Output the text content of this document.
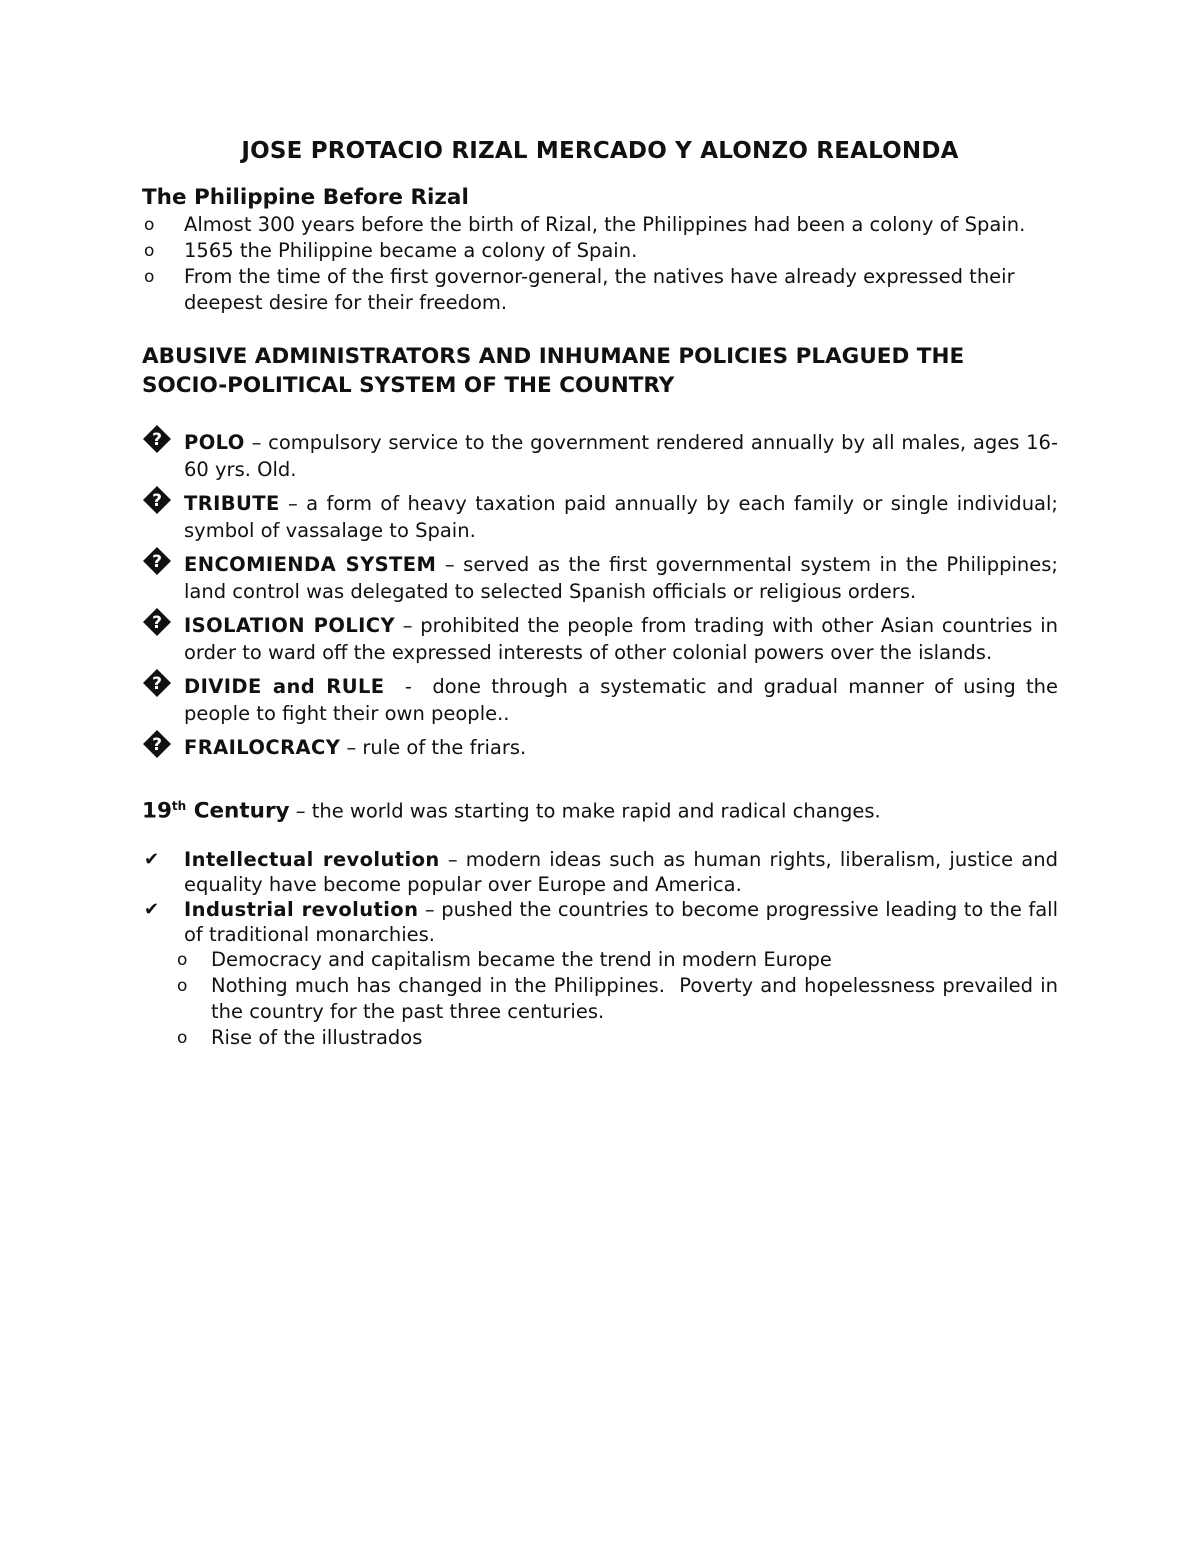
JOSE PROTACIO RIZAL MERCADO Y ALONZO REALONDA
The Philippine Before Rizal
o Almost 300 years before the birth of Rizal, the Philippines had been a colony of Spain.
o 1565 the Philippine became a colony of Spain.
o From the time of the first governor-general, the natives have already expressed their deepest desire for their freedom.
ABUSIVE ADMINISTRATORS AND INHUMANE POLICIES PLAGUED THE
SOCIO-POLITICAL SYSTEM OF THE COUNTRY
? POLO – compulsory service to the government rendered annually by all males, ages 16-60 yrs. Old.
? TRIBUTE – a form of heavy taxation paid annually by each family or single individual; symbol of vassalage to Spain.
? ENCOMIENDA SYSTEM – served as the first governmental system in the Philippines; land control was delegated to selected Spanish officials or religious orders.
? ISOLATION POLICY – prohibited the people from trading with other Asian countries in order to ward off the expressed interests of other colonial powers over the islands.
? DIVIDE and RULE  -  done through a systematic and gradual manner of using the people to fight their own people..
? FRAILOCRACY – rule of the friars.

19th Century – the world was starting to make rapid and radical changes.

✔ Intellectual revolution – modern ideas such as human rights, liberalism, justice and equality have become popular over Europe and America.
✔ Industrial revolution – pushed the countries to become progressive leading to the fall of traditional monarchies.
o Democracy and capitalism became the trend in modern Europe
o Nothing much has changed in the Philippines.  Poverty and hopelessness prevailed in the country for the past three centuries.
o Rise of the illustrados
